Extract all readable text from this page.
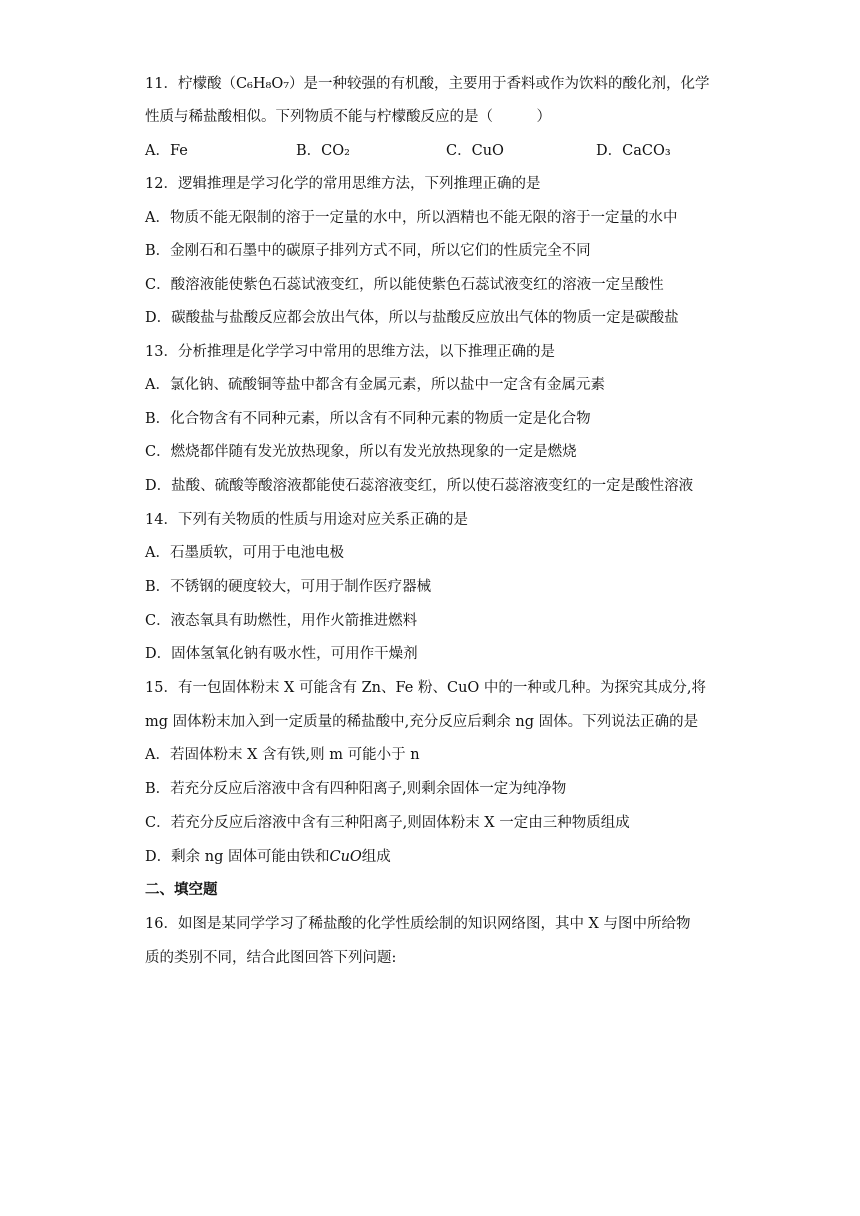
11．柠檬酸（C₆H₈O₇）是一种较强的有机酸，主要用于香料或作为饮料的酸化剂，化学
性质与稀盐酸相似。下列物质不能与柠檬酸反应的是（　　　）
A．Fe	B．CO₂	C．CuO	D．CaCO₃
12．逻辑推理是学习化学的常用思维方法，下列推理正确的是
A．物质不能无限制的溶于一定量的水中，所以酒精也不能无限的溶于一定量的水中
B．金刚石和石墨中的碳原子排列方式不同，所以它们的性质完全不同
C．酸溶液能使紫色石蕊试液变红，所以能使紫色石蕊试液变红的溶液一定呈酸性
D．碳酸盐与盐酸反应都会放出气体，所以与盐酸反应放出气体的物质一定是碳酸盐
13．分析推理是化学学习中常用的思维方法，以下推理正确的是
A．氯化钠、硫酸铜等盐中都含有金属元素，所以盐中一定含有金属元素
B．化合物含有不同种元素，所以含有不同种元素的物质一定是化合物
C．燃烧都伴随有发光放热现象，所以有发光放热现象的一定是燃烧
D．盐酸、硫酸等酸溶液都能使石蕊溶液变红，所以使石蕊溶液变红的一定是酸性溶液
14．下列有关物质的性质与用途对应关系正确的是
A．石墨质软，可用于电池电极
B．不锈钢的硬度较大，可用于制作医疗器械
C．液态氧具有助燃性，用作火箭推进燃料
D．固体氢氧化钠有吸水性，可用作干燥剂
15．有一包固体粉末 X 可能含有 Zn、Fe 粉、CuO 中的一种或几种。为探究其成分,将
mg 固体粉末加入到一定质量的稀盐酸中,充分反应后剩余 ng 固体。下列说法正确的是
A．若固体粉末 X 含有铁,则 m 可能小于 n
B．若充分反应后溶液中含有四种阳离子,则剩余固体一定为纯净物
C．若充分反应后溶液中含有三种阳离子,则固体粉末 X 一定由三种物质组成
D．剩余 ng 固体可能由铁和CuO组成
二、填空题
16．如图是某同学学习了稀盐酸的化学性质绘制的知识网络图，其中 X 与图中所给物
质的类别不同，结合此图回答下列问题:
